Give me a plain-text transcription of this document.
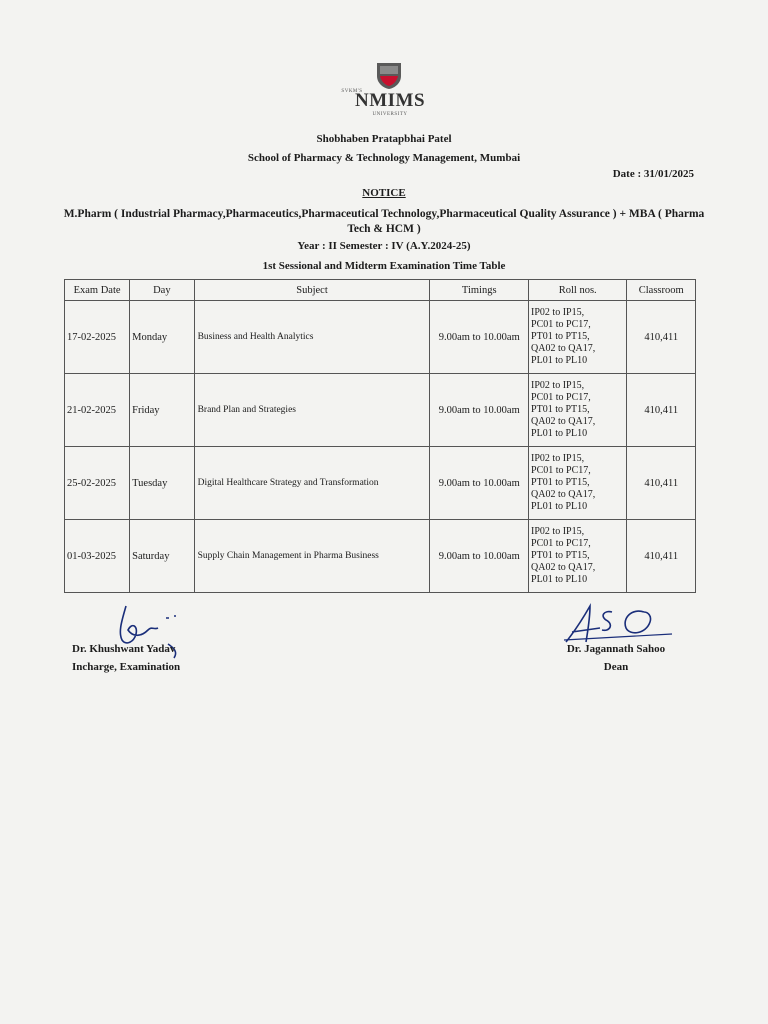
SVKM'S
NMIMS
UNIVERSITY
Shobhaben Pratapbhai Patel
School of Pharmacy & Technology Management, Mumbai
Date : 31/01/2025
NOTICE
M.Pharm ( Industrial Pharmacy,Pharmaceutics,Pharmaceutical Technology,Pharmaceutical Quality Assurance ) + MBA ( Pharma Tech & HCM )
Year : II Semester : IV (A.Y.2024-25)
1st Sessional and Midterm Examination Time Table
Exam Date	Day	Subject	Timings	Roll nos.	Classroom
17-02-2025	Monday	Business and Health Analytics	9.00am to 10.00am	IP02 to IP15,
PC01 to PC17,
PT01 to PT15,
QA02 to QA17,
PL01 to PL10	410,411
21-02-2025	Friday	Brand Plan and Strategies	9.00am to 10.00am	IP02 to IP15,
PC01 to PC17,
PT01 to PT15,
QA02 to QA17,
PL01 to PL10	410,411
25-02-2025	Tuesday	Digital Healthcare Strategy and Transformation	9.00am to 10.00am	IP02 to IP15,
PC01 to PC17,
PT01 to PT15,
QA02 to QA17,
PL01 to PL10	410,411
01-03-2025	Saturday	Supply Chain Management in Pharma Business	9.00am to 10.00am	IP02 to IP15,
PC01 to PC17,
PT01 to PT15,
QA02 to QA17,
PL01 to PL10	410,411
Dr. Khushwant Yadav
Incharge, Examination
Dr. Jagannath Sahoo
Dean
